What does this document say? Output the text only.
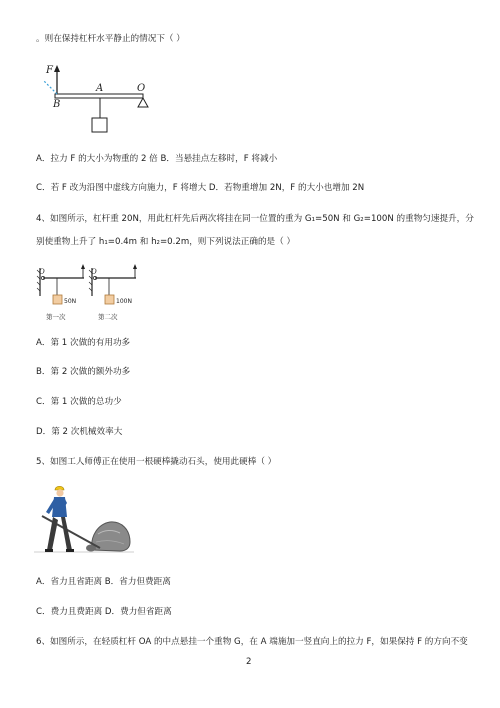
。则在保持杠杆水平静止的情况下（ ）
F
A	O
B
A．拉力 F 的大小为物重的 2 倍 B．当悬挂点左移时，F 将减小
C．若 F 改为沿图中虚线方向施力，F 将增大 D．若物重增加 2N，F 的大小也增加 2N
4、如图所示，杠杆重 20N，用此杠杆先后两次将挂在同一位置的重为 G₁=50N 和 G₂=100N 的重物匀速提升，分
别使重物上升了 h₁=0.4m 和 h₂=0.2m，则下列说法正确的是（ ）
O
50N
第一次
O
100N
第二次
A．第 1 次做的有用功多
B．第 2 次做的额外功多
C．第 1 次做的总功少
D．第 2 次机械效率大
5、如图工人师傅正在使用一根硬棒撬动石头，使用此硬棒（ ）
A．省力且省距离 B．省力但费距离
C．费力且费距离 D．费力但省距离
6、如图所示，在轻质杠杆 OA 的中点悬挂一个重物 G，在 A 端施加一竖直向上的拉力 F，如果保持 F 的方向不变
2
